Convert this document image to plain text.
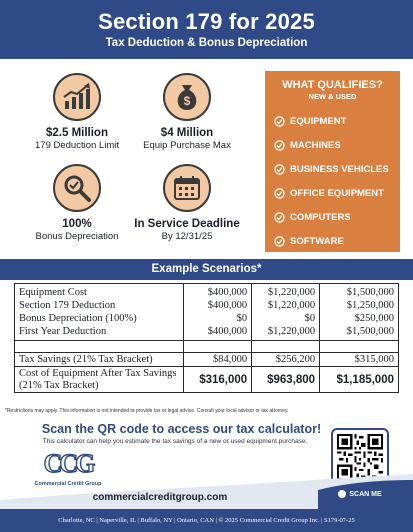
Section 179 for 2025
Tax Deduction & Bonus Depreciation
$2.5 Million
179 Deduction Limit
$
$4 Million
Equip Purchase Max
100%
Bonus Depreciation
In Service Deadline
By 12/31/25
WHAT QUALIFIES?
NEW & USED
EQUIPMENT
MACHINES
BUSINESS VEHICLES
OFFICE EQUIPMENT
COMPUTERS
SOFTWARE
Example Scenarios*
Equipment Cost	$400,000	$1,220,000	$1,500,000
Section 179 Deduction	$400,000	$1,220,000	$1,250,000
Bonus Depreciation (100%)	$0	$0	$250,000
First Year Deduction	$400,000	$1,220,000	$1,500,000

Tax Savings (21% Tax Bracket)	$84,000	$256,200	$315,000
Cost of Equipment After Tax Savings (21% Tax Bracket)	$316,000	$963,800	$1,185,000
*Restrictions may apply. This information is not intended to provide tax or legal advice. Consult your local advisor or tax attorney.
Scan the QR code to access our tax calculator!
This calculator can help you estimate the tax savings of a new or used equipment purchase.
CCG
Commercial Credit Group
SCAN ME
commercialcreditgroup.com
Charlotte, NC | Naperville, IL | Buffalo, NY | Ontario, CAN | © 2025 Commercial Credit Group Inc. | S179-07-25
